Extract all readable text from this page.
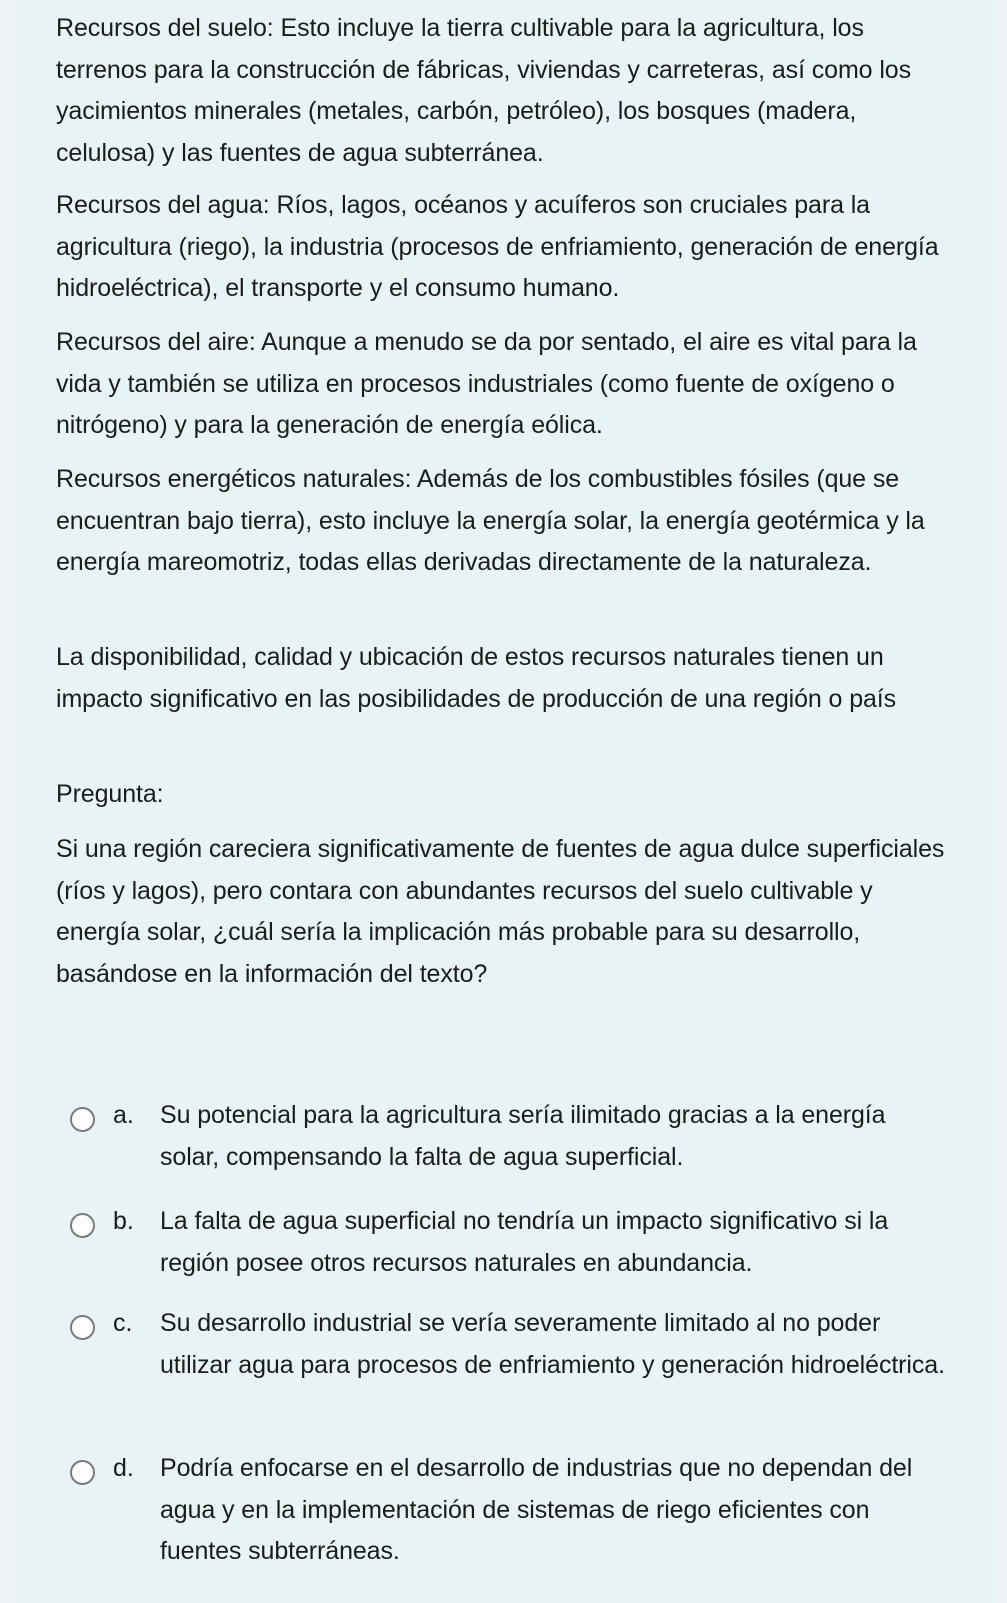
Recursos del suelo: Esto incluye la tierra cultivable para la agricultura, los terrenos para la construcción de fábricas, viviendas y carreteras, así como los yacimientos minerales (metales, carbón, petróleo), los bosques (madera, celulosa) y las fuentes de agua subterránea.

Recursos del agua: Ríos, lagos, océanos y acuíferos son cruciales para la agricultura (riego), la industria (procesos de enfriamiento, generación de energía hidroeléctrica), el transporte y el consumo humano.

Recursos del aire: Aunque a menudo se da por sentado, el aire es vital para la vida y también se utiliza en procesos industriales (como fuente de oxígeno o nitrógeno) y para la generación de energía eólica.

Recursos energéticos naturales: Además de los combustibles fósiles (que se encuentran bajo tierra), esto incluye la energía solar, la energía geotérmica y la energía mareomotriz, todas ellas derivadas directamente de la naturaleza.

La disponibilidad, calidad y ubicación de estos recursos naturales tienen un impacto significativo en las posibilidades de producción de una región o país

Pregunta:

Si una región careciera significativamente de fuentes de agua dulce superficiales (ríos y lagos), pero contara con abundantes recursos del suelo cultivable y energía solar, ¿cuál sería la implicación más probable para su desarrollo, basándose en la información del texto?

a. Su potencial para la agricultura sería ilimitado gracias a la energía solar, compensando la falta de agua superficial.

b. La falta de agua superficial no tendría un impacto significativo si la región posee otros recursos naturales en abundancia.

c. Su desarrollo industrial se vería severamente limitado al no poder utilizar agua para procesos de enfriamiento y generación hidroeléctrica.

d. Podría enfocarse en el desarrollo de industrias que no dependan del agua y en la implementación de sistemas de riego eficientes con fuentes subterráneas.
